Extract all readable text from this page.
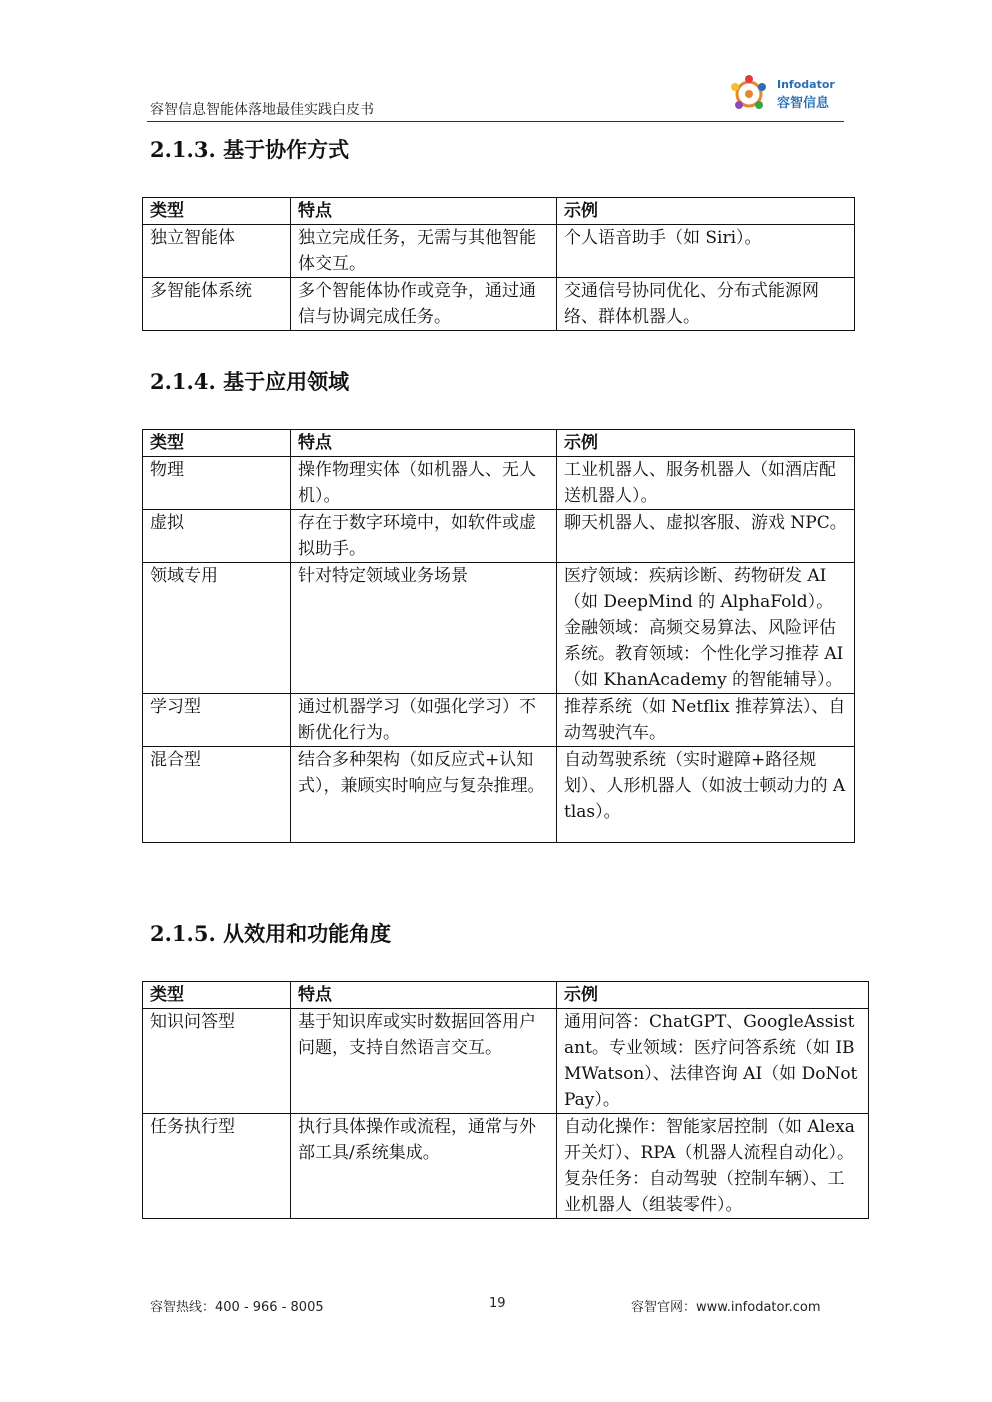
容智信息智能体落地最佳实践白皮书
Infodator
容智信息
2.1.3. 基于协作方式
类型	特点	示例
独立智能体	独立完成任务，无需与其他智能体交互。	个人语音助手（如 Siri）。
多智能体系统	多个智能体协作或竞争，通过通信与协调完成任务。	交通信号协同优化、分布式能源网络、群体机器人。
2.1.4. 基于应用领域
类型	特点	示例
物理	操作物理实体（如机器人、无人机）。	工业机器人、服务机器人（如酒店配送机器人）。
虚拟	存在于数字环境中，如软件或虚拟助手。	聊天机器人、虚拟客服、游戏 NPC。
领域专用	针对特定领域业务场景	医疗领域：疾病诊断、药物研发 AI（如 DeepMind 的 AlphaFold）。金融领域：高频交易算法、风险评估系统。教育领域：个性化学习推荐 AI（如 KhanAcademy 的智能辅导）。
学习型	通过机器学习（如强化学习）不断优化行为。	推荐系统（如 Netflix 推荐算法）、自动驾驶汽车。
混合型	结合多种架构（如反应式+认知式），兼顾实时响应与复杂推理。	自动驾驶系统（实时避障+路径规划）、人形机器人（如波士顿动力的 Atlas）。
2.1.5. 从效用和功能角度
类型	特点	示例
知识问答型	基于知识库或实时数据回答用户问题，支持自然语言交互。	通用问答：ChatGPT、GoogleAssistant。专业领域：医疗问答系统（如 IBMWatson）、法律咨询 AI（如 DoNotPay）。
任务执行型	执行具体操作或流程，通常与外部工具/系统集成。	自动化操作：智能家居控制（如 Alexa 开关灯）、RPA（机器人流程自动化）。复杂任务：自动驾驶（控制车辆）、工业机器人（组装零件）。
容智热线：400 - 966 - 8005	19	容智官网：www.infodator.com
